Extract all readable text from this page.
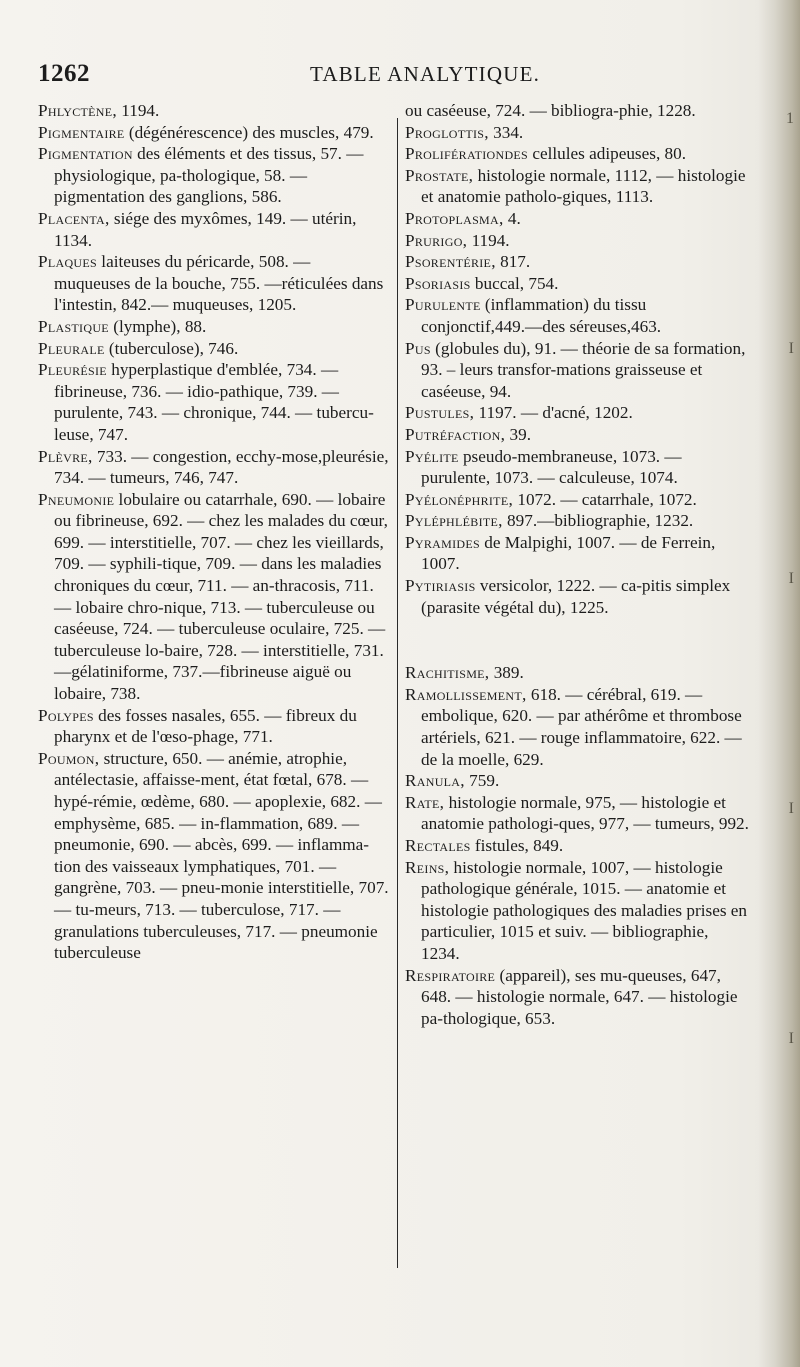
1262	TABLE ANALYTIQUE.

Phlyctène, 1194.

Pigmentaire (dégénérescence) des muscles, 479.

Pigmentation des éléments et des tissus, 57. — physiologique, pa-thologique, 58. — pigmentation des ganglions, 586.

Placenta, siége des myxômes, 149. — utérin, 1134.

Plaques laiteuses du péricarde, 508. — muqueuses de la bouche, 755. —réticulées dans l'intestin, 842.— muqueuses, 1205.

Plastique (lymphe), 88.

Pleurale (tuberculose), 746.

Pleurésie hyperplastique d'emblée, 734. — fibrineuse, 736. — idio-pathique, 739. — purulente, 743. — chronique, 744. — tubercu-leuse, 747.

Plèvre, 733. — congestion, ecchy-mose,pleurésie, 734. — tumeurs, 746, 747.

Pneumonie lobulaire ou catarrhale, 690. — lobaire ou fibrineuse, 692. — chez les malades du cœur, 699. — interstitielle, 707. — chez les vieillards, 709. — syphili-tique, 709. — dans les maladies chroniques du cœur, 711. — an-thracosis, 711. — lobaire chro-nique, 713. — tuberculeuse ou caséeuse, 724. — tuberculeuse oculaire, 725. — tuberculeuse lo-baire, 728. — interstitielle, 731. —gélatiniforme, 737.—fibrineuse aiguë ou lobaire, 738.

Polypes des fosses nasales, 655. — fibreux du pharynx et de l'œso-phage, 771.

Poumon, structure, 650. — anémie, atrophie, antélectasie, affaisse-ment, état fœtal, 678. — hypé-rémie, œdème, 680. — apoplexie, 682. — emphysème, 685. — in-flammation, 689. — pneumonie, 690. — abcès, 699. — inflamma-tion des vaisseaux lymphatiques, 701. — gangrène, 703. — pneu-monie interstitielle, 707. — tu-meurs, 713. — tuberculose, 717. — granulations tuberculeuses, 717. — pneumonie tuberculeuse

ou caséeuse, 724. — bibliogra-phie, 1228.

Proglottis, 334.

Proliférationdes cellules adipeuses, 80.

Prostate, histologie normale, 1112, — histologie et anatomie patholo-giques, 1113.

Protoplasma, 4.

Prurigo, 1194.

Psorentérie, 817.

Psoriasis buccal, 754.

Purulente (inflammation) du tissu conjonctif,449.—des séreuses,463.

Pus (globules du), 91. — théorie de sa formation, 93. – leurs transfor-mations graisseuse et caséeuse, 94.

Pustules, 1197. — d'acné, 1202.

Putréfaction, 39.

Pyélite pseudo-membraneuse, 1073. — purulente, 1073. — calculeuse, 1074.

Pyélonéphrite, 1072. — catarrhale, 1072.

Pyléphlébite, 897.—bibliographie, 1232.

Pyramides de Malpighi, 1007. — de Ferrein, 1007.

Pytiriasis versicolor, 1222. — ca-pitis simplex (parasite végétal du), 1225.

Rachitisme, 389.

Ramollissement, 618. — cérébral, 619. — embolique, 620. — par athérôme et thrombose artériels, 621. — rouge inflammatoire, 622. — de la moelle, 629.

Ranula, 759.

Rate, histologie normale, 975, — histologie et anatomie pathologi-ques, 977, — tumeurs, 992.

Rectales fistules, 849.

Reins, histologie normale, 1007, — histologie pathologique générale, 1015. — anatomie et histologie pathologiques des maladies prises en particulier, 1015 et suiv. — bibliographie, 1234.

Respiratoire (appareil), ses mu-queuses, 647, 648. — histologie normale, 647. — histologie pa-thologique, 653.

1
I
I
I
I
